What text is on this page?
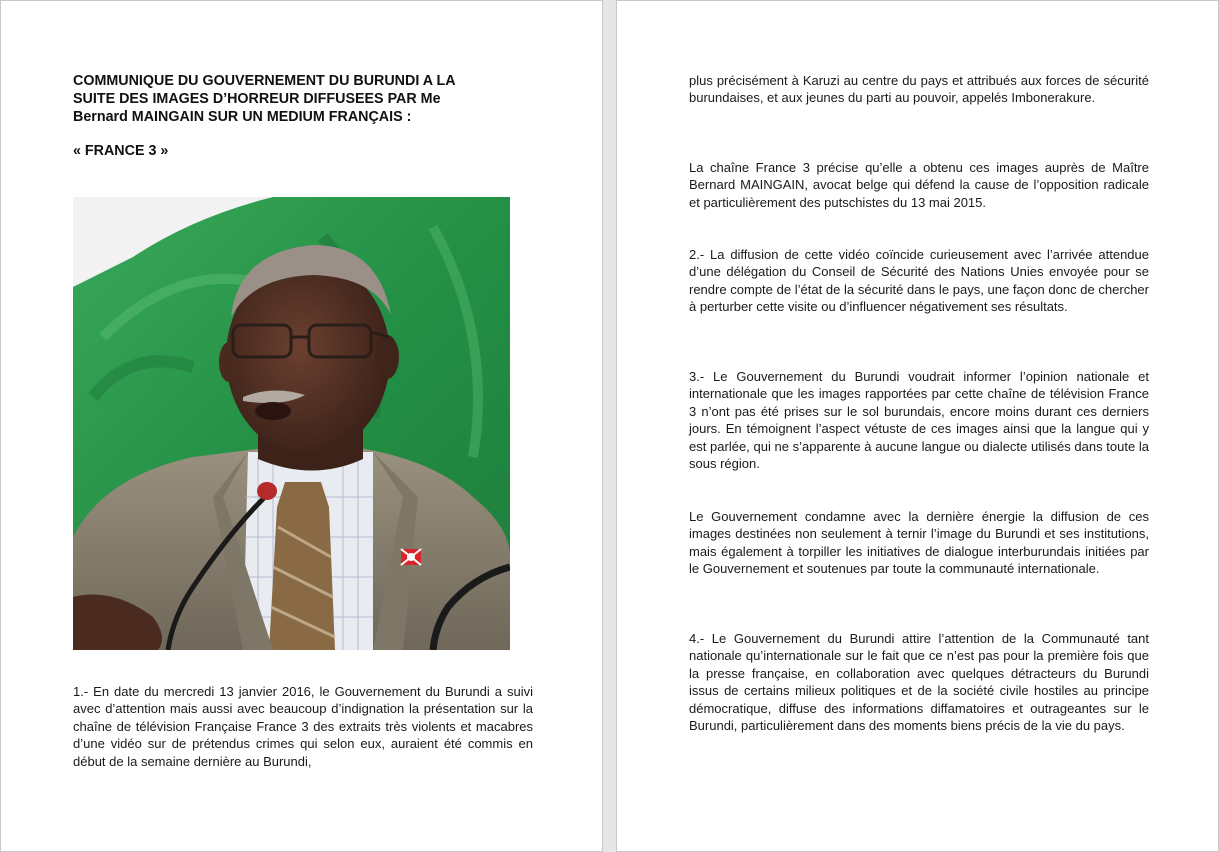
COMMUNIQUE DU GOUVERNEMENT DU BURUNDI A LA
SUITE DES IMAGES D’HORREUR DIFFUSEES PAR Me
Bernard MAINGAIN SUR UN MEDIUM FRANÇAIS :
« FRANCE 3 »
1.- En date du mercredi 13 janvier 2016, le Gouvernement du Burundi a suivi avec d’attention mais aussi avec beaucoup d’indignation la présentation sur la chaîne de télévision Française France 3 des extraits très violents et macabres d’une vidéo sur de prétendus crimes qui selon eux, auraient été commis en début de la semaine dernière au Burundi,
plus précisément à Karuzi au centre du pays et attribués aux forces de sécurité burundaises, et aux jeunes du parti au pouvoir, appelés Imbonerakure.
La chaîne France 3 précise qu’elle a obtenu ces images auprès de Maître Bernard MAINGAIN, avocat belge qui défend la cause de l’opposition radicale et particulièrement des putschistes du 13 mai 2015.
2.- La diffusion de cette vidéo coïncide curieusement avec l’arrivée attendue d’une délégation du Conseil de Sécurité des Nations Unies envoyée pour se rendre compte de l’état de la sécurité dans le pays, une façon donc de chercher à perturber cette visite ou d’influencer négativement ses résultats.
3.- Le Gouvernement du Burundi voudrait informer l’opinion nationale et internationale que les images rapportées par cette chaîne de télévision France 3 n’ont pas été prises sur le sol burundais, encore moins durant ces derniers jours. En témoignent l’aspect vétuste de ces images ainsi que la langue qui y est parlée, qui ne s’apparente à aucune langue ou dialecte utilisés dans toute la sous région.
Le Gouvernement condamne avec la dernière énergie la diffusion de ces images destinées non seulement à ternir l’image du Burundi et ses institutions, mais également à torpiller les initiatives de dialogue interburundais initiées par le Gouvernement et soutenues par toute la communauté internationale.
4.- Le Gouvernement du Burundi attire l’attention de la Communauté tant nationale qu’internationale sur le fait que ce n’est pas pour la première fois que la presse française, en collaboration avec quelques détracteurs du Burundi issus de certains milieux politiques et de la société civile hostiles au principe démocratique, diffuse des informations diffamatoires et outrageantes sur le Burundi, particulièrement dans des moments biens précis de la vie du pays.
